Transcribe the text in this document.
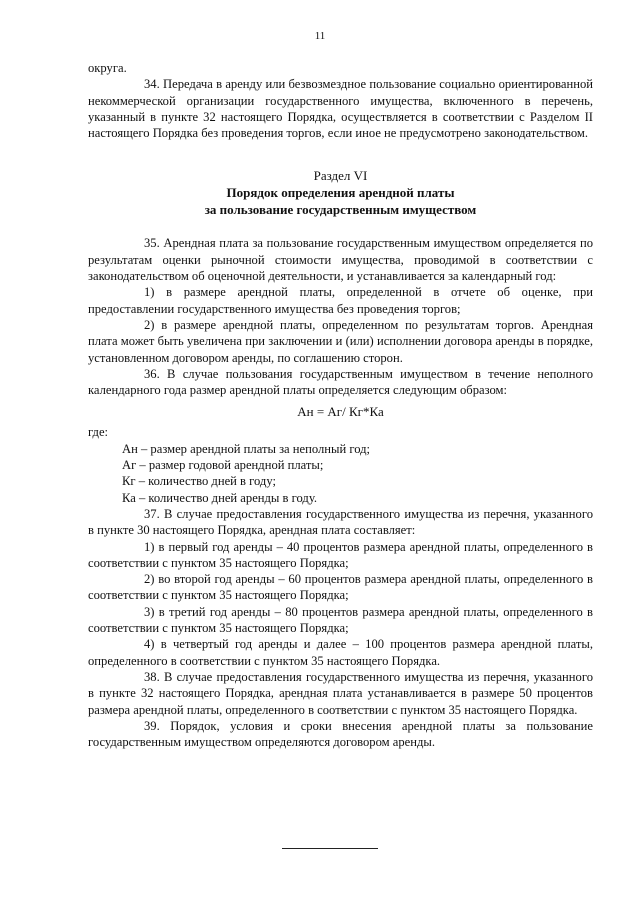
11

округа.

34. Передача в аренду или безвозмездное пользование социально ориентированной некоммерческой организации государственного имущества, включенного в перечень, указанный в пункте 32 настоящего Порядка, осуществляется в соответствии с Разделом II настоящего Порядка без проведения торгов, если иное не предусмотрено законодательством.

Раздел VI
Порядок определения арендной платы
за пользование государственным имуществом

35. Арендная плата за пользование государственным имуществом определяется по результатам оценки рыночной стоимости имущества, проводимой в соответствии с законодательством об оценочной деятельности, и устанавливается за календарный год:

1) в размере арендной платы, определенной в отчете об оценке, при предоставлении государственного имущества без проведения торгов;

2) в размере арендной платы, определенном по результатам торгов. Арендная плата может быть увеличена при заключении и (или) исполнении договора аренды в порядке, установленном договором аренды, по соглашению сторон.

36. В случае пользования государственным имуществом в течение неполного календарного года размер арендной платы определяется следующим образом:

Ан = Аг/ Кг*Ка

где:

Ан – размер арендной платы за неполный год;

Аг – размер годовой арендной платы;

Кг – количество дней в году;

Ка – количество дней аренды в году.

37. В случае предоставления государственного имущества из перечня, указанного в пункте 30 настоящего Порядка, арендная плата составляет:

1) в первый год аренды – 40 процентов размера арендной платы, определенного в соответствии с пунктом 35 настоящего Порядка;

2) во второй год аренды – 60 процентов размера арендной платы, определенного в соответствии с пунктом 35 настоящего Порядка;

3) в третий год аренды – 80 процентов размера арендной платы, определенного в соответствии с пунктом 35 настоящего Порядка;

4) в четвертый год аренды и далее – 100 процентов размера арендной платы, определенного в соответствии с пунктом 35 настоящего Порядка.

38. В случае предоставления государственного имущества из перечня, указанного в пункте 32 настоящего Порядка, арендная плата устанавливается в размере 50 процентов размера арендной платы, определенного в соответствии с пунктом 35 настоящего Порядка.

39. Порядок, условия и сроки внесения арендной платы за пользование государственным имуществом определяются договором аренды.
